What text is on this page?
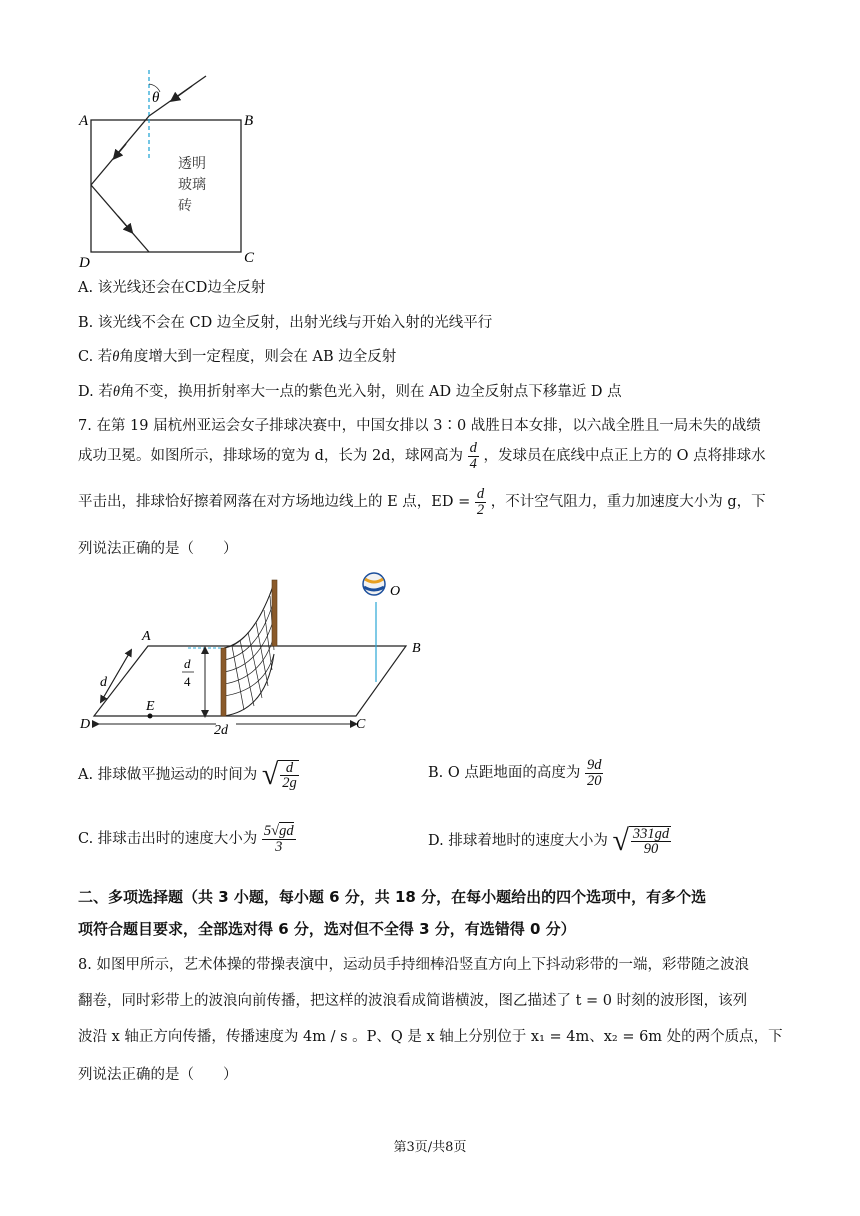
θ
A	B
D	C
透明
玻璃
砖
A. 该光线还会在CD边全反射
B. 该光线不会在 CD 边全反射，出射光线与开始入射的光线平行
C. 若θ角度增大到一定程度，则会在 AB 边全反射
D. 若θ角不变，换用折射率大一点的紫色光入射，则在 AD 边全反射点下移靠近 D 点
7. 在第 19 届杭州亚运会女子排球决赛中，中国女排以 3∶0 战胜日本女排，以六战全胜且一局未失的战绩
成功卫冕。如图所示，排球场的宽为 d，长为 2d，球网高为 $\frac{d}{4}$ ，发球员在底线中点正上方的 O 点将排球水
平击出，排球恰好擦着网落在对方场地边线上的 E 点，ED = $\frac{d}{2}$ ，不计空气阻力，重力加速度大小为 g，下
列说法正确的是（　　）
A
B
C
D
E
O
d
d
4
2d
A. 排球做平抛运动的时间为 √ $\frac{d}{2g}$	B. O 点距地面的高度为 $\frac{9d}{20}$
C. 排球击出时的速度大小为 $\frac{5√gd}{3}$	D. 排球着地时的速度大小为 √ $\frac{331gd}{90}$
二、多项选择题（共 3 小题，每小题 6 分，共 18 分，在每小题给出的四个选项中，有多个选
项符合题目要求，全部选对得 6 分，选对但不全得 3 分，有选错得 0 分）
8. 如图甲所示，艺术体操的带操表演中，运动员手持细棒沿竖直方向上下抖动彩带的一端，彩带随之波浪
翻卷，同时彩带上的波浪向前传播，把这样的波浪看成简谐横波，图乙描述了 t = 0 时刻的波形图，该列
波沿 x 轴正方向传播，传播速度为 4m / s 。P、Q 是 x 轴上分别位于 x₁ = 4m、x₂ = 6m 处的两个质点，下
列说法正确的是（　　）
第3页/共8页
